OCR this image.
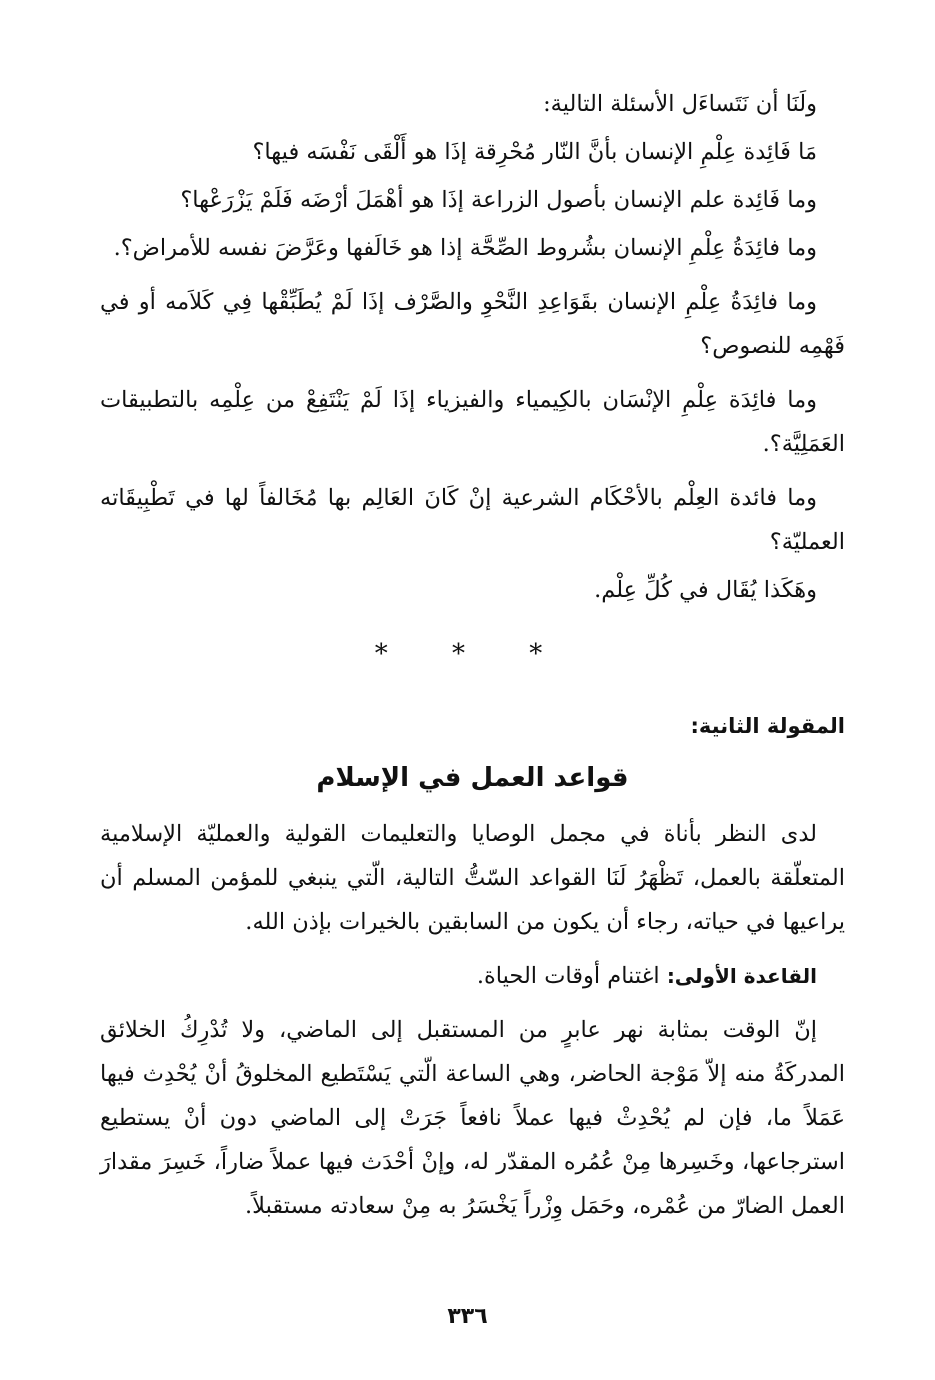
ولَنَا أن نَتَساءَل الأسئلة التالية:

مَا فَائِدة عِلْمِ الإنسان بأنَّ النّار مُحْرِقة إذَا هو أَلْقَى نَفْسَه فيها؟

وما فَائِدة علم الإنسان بأصول الزراعة إذَا هو أهْمَلَ أرْضَه فَلَمْ يَزْرَعْها؟

وما فائِدَةُ عِلْمِ الإنسان بشُروط الصِّحَّة إذا هو خَالَفها وعَرَّضَ نفسه للأمراض؟.

وما فائِدَةُ عِلْمِ الإنسان بقَوَاعِدِ النَّحْوِ والصَّرْف إذَا لَمْ يُطَبِّقْها فِي كَلاَمه أو في فَهْمِه للنصوص؟

وما فائِدَة عِلْمِ الإنْسَان بالكِيمياء والفيزياء إذَا لَمْ يَنْتَفِعْ من عِلْمِه بالتطبيقات العَمَلِيَّة؟.

وما فائدة العِلْم بالأحْكَام الشرعية إنْ كَانَ العَالِم بها مُخَالفاً لها في تَطْبِيقَاته العمليّة؟

وهَكَذا يُقَال في كُلِّ عِلْم.

* * *
المقولة الثانية:
قواعد العمل في الإسلام

لدى النظر بأناة في مجمل الوصايا والتعليمات القولية والعمليّة الإسلامية المتعلّقة بالعمل، تَظْهَرُ لَنَا القواعد السّتُّ التالية، الّتي ينبغي للمؤمن المسلم أن يراعيها في حياته، رجاء أن يكون من السابقين بالخيرات بإذن الله.

القاعدة الأولى: اغتنام أوقات الحياة.

إنّ الوقت بمثابة نهر عابرٍ من المستقبل إلى الماضي، ولا تُدْرِكُ الخلائق المدركَةُ منه إلاّ مَوْجة الحاضر، وهي الساعة الّتي يَسْتَطيع المخلوقُ أنْ يُحْدِث فيها عَمَلاً ما، فإن لم يُحْدِثْ فيها عملاً نافعاً جَرَتْ إلى الماضي دون أنْ يستطيع استرجاعها، وخَسِرها مِنْ عُمُره المقدّر له، وإنْ أحْدَث فيها عملاً ضاراً، خَسِرَ مقدارَ العمل الضارّ من عُمْره، وحَمَل وِزْراً يَخْسَرُ به مِنْ سعادته مستقبلاً.

٣٣٦
